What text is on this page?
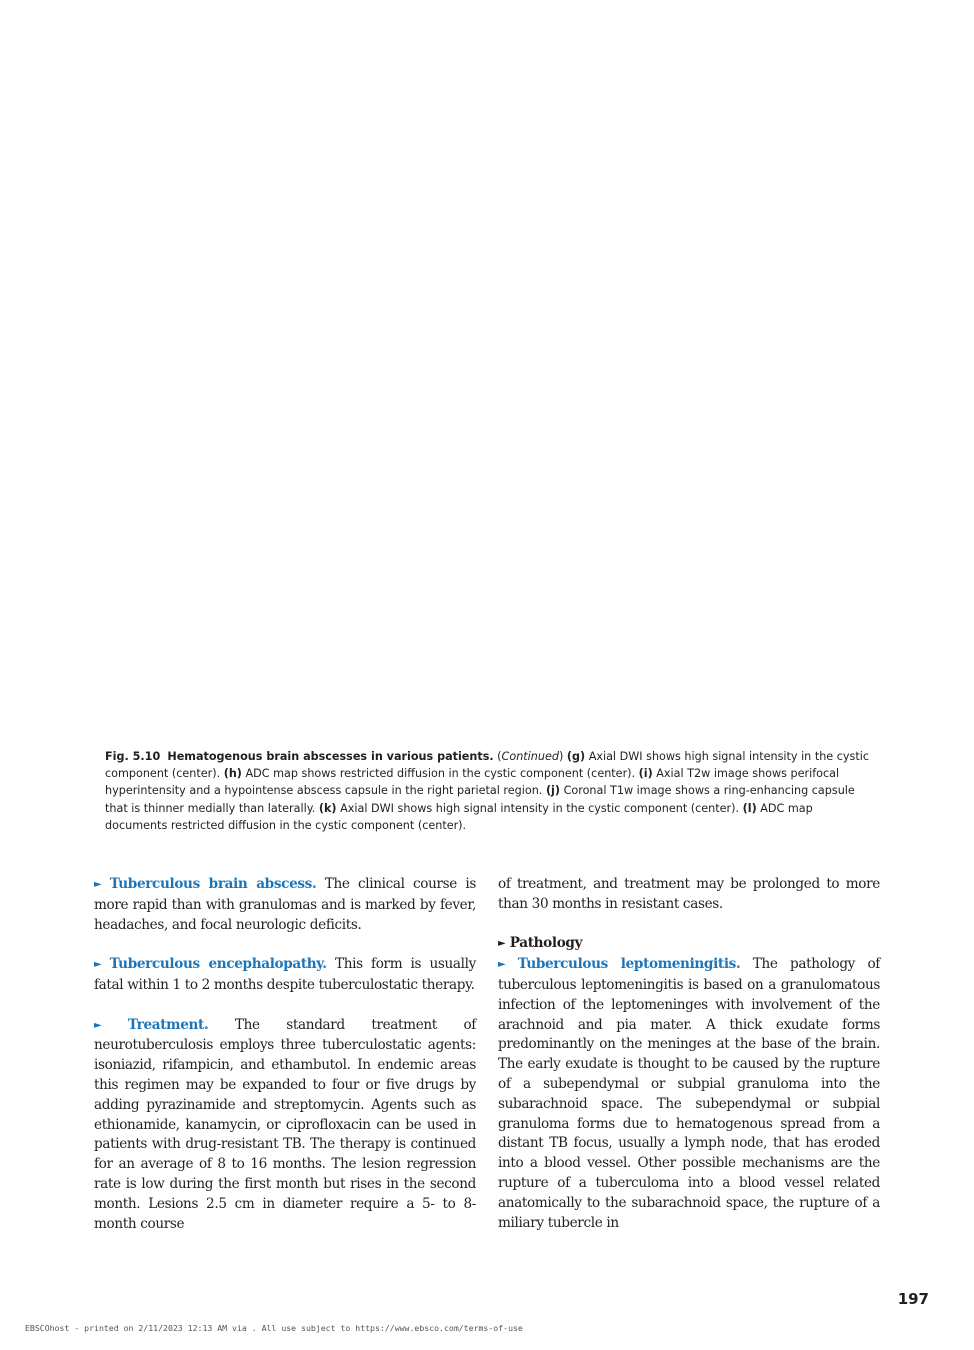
Fig. 5.10 Hematogenous brain abscesses in various patients. (Continued) (g) Axial DWI shows high signal intensity in the cystic component (center). (h) ADC map shows restricted diffusion in the cystic component (center). (i) Axial T2w image shows perifocal hyperintensity and a hypointense abscess capsule in the right parietal region. (j) Coronal T1w image shows a ring-enhancing capsule that is thinner medially than laterally. (k) Axial DWI shows high signal intensity in the cystic component (center). (l) ADC map documents restricted diffusion in the cystic component (center).

► Tuberculous brain abscess. The clinical course is more rapid than with granulomas and is marked by fever, headaches, and focal neurologic deficits.

► Tuberculous encephalopathy. This form is usually fatal within 1 to 2 months despite tuberculostatic therapy.

► Treatment. The standard treatment of neurotuberculosis employs three tuberculostatic agents: isoniazid, rifampicin, and ethambutol. In endemic areas this regimen may be expanded to four or five drugs by adding pyrazinamide and streptomycin. Agents such as ethionamide, kanamycin, or ciprofloxacin can be used in patients with drug-resistant TB. The therapy is continued for an average of 8 to 16 months. The lesion regression rate is low during the first month but rises in the second month. Lesions 2.5 cm in diameter require a 5- to 8-month course

of treatment, and treatment may be prolonged to more than 30 months in resistant cases.

► Pathology

► Tuberculous leptomeningitis. The pathology of tuberculous leptomeningitis is based on a granulomatous infection of the leptomeninges with involvement of the arachnoid and pia mater. A thick exudate forms predominantly on the meninges at the base of the brain. The early exudate is thought to be caused by the rupture of a subependymal or subpial granuloma into the subarachnoid space. The subependymal or subpial granuloma forms due to hematogenous spread from a distant TB focus, usually a lymph node, that has eroded into a blood vessel. Other possible mechanisms are the rupture of a tuberculoma into a blood vessel related anatomically to the subarachnoid space, the rupture of a miliary tubercle in

197
EBSCOhost - printed on 2/11/2023 12:13 AM via . All use subject to https://www.ebsco.com/terms-of-use
